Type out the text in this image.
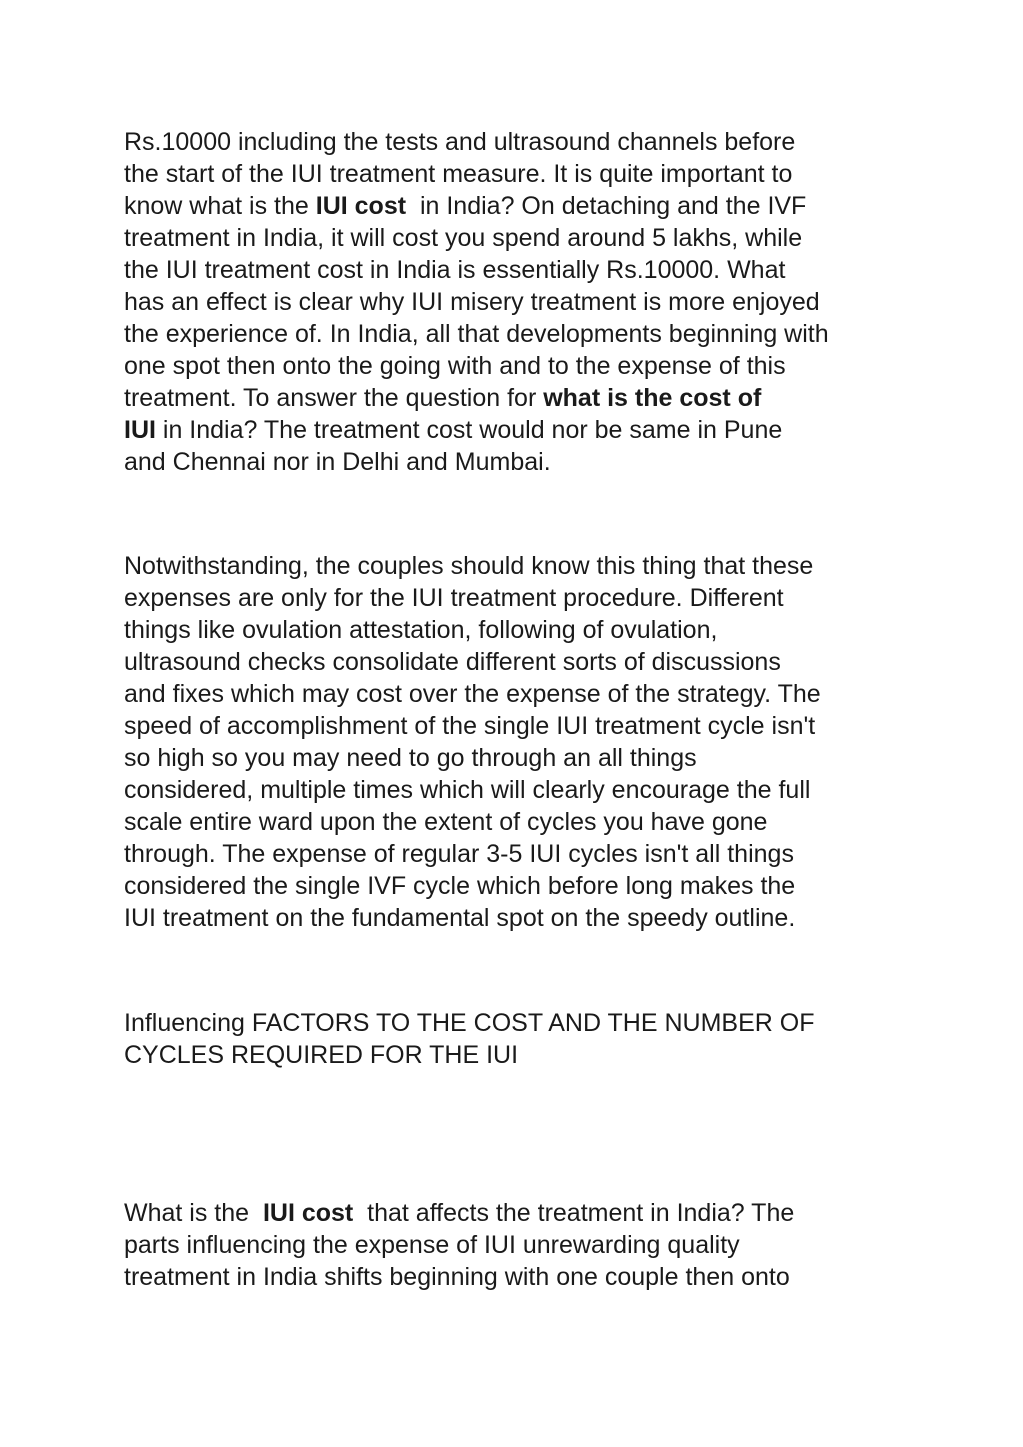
Rs.10000 including the tests and ultrasound channels before
the start of the IUI treatment measure. It is quite important to
know what is the IUI cost  in India? On detaching and the IVF
treatment in India, it will cost you spend around 5 lakhs, while
the IUI treatment cost in India is essentially Rs.10000. What
has an effect is clear why IUI misery treatment is more enjoyed
the experience of. In India, all that developments beginning with
one spot then onto the going with and to the expense of this
treatment. To answer the question for what is the cost of
IUI in India? The treatment cost would nor be same in Pune
and Chennai nor in Delhi and Mumbai.

Notwithstanding, the couples should know this thing that these
expenses are only for the IUI treatment procedure. Different
things like ovulation attestation, following of ovulation,
ultrasound checks consolidate different sorts of discussions
and fixes which may cost over the expense of the strategy. The
speed of accomplishment of the single IUI treatment cycle isn't
so high so you may need to go through an all things
considered, multiple times which will clearly encourage the full
scale entire ward upon the extent of cycles you have gone
through. The expense of regular 3-5 IUI cycles isn't all things
considered the single IVF cycle which before long makes the
IUI treatment on the fundamental spot on the speedy outline.

Influencing FACTORS TO THE COST AND THE NUMBER OF
CYCLES REQUIRED FOR THE IUI

What is the  IUI cost  that affects the treatment in India? The
parts influencing the expense of IUI unrewarding quality
treatment in India shifts beginning with one couple then onto
